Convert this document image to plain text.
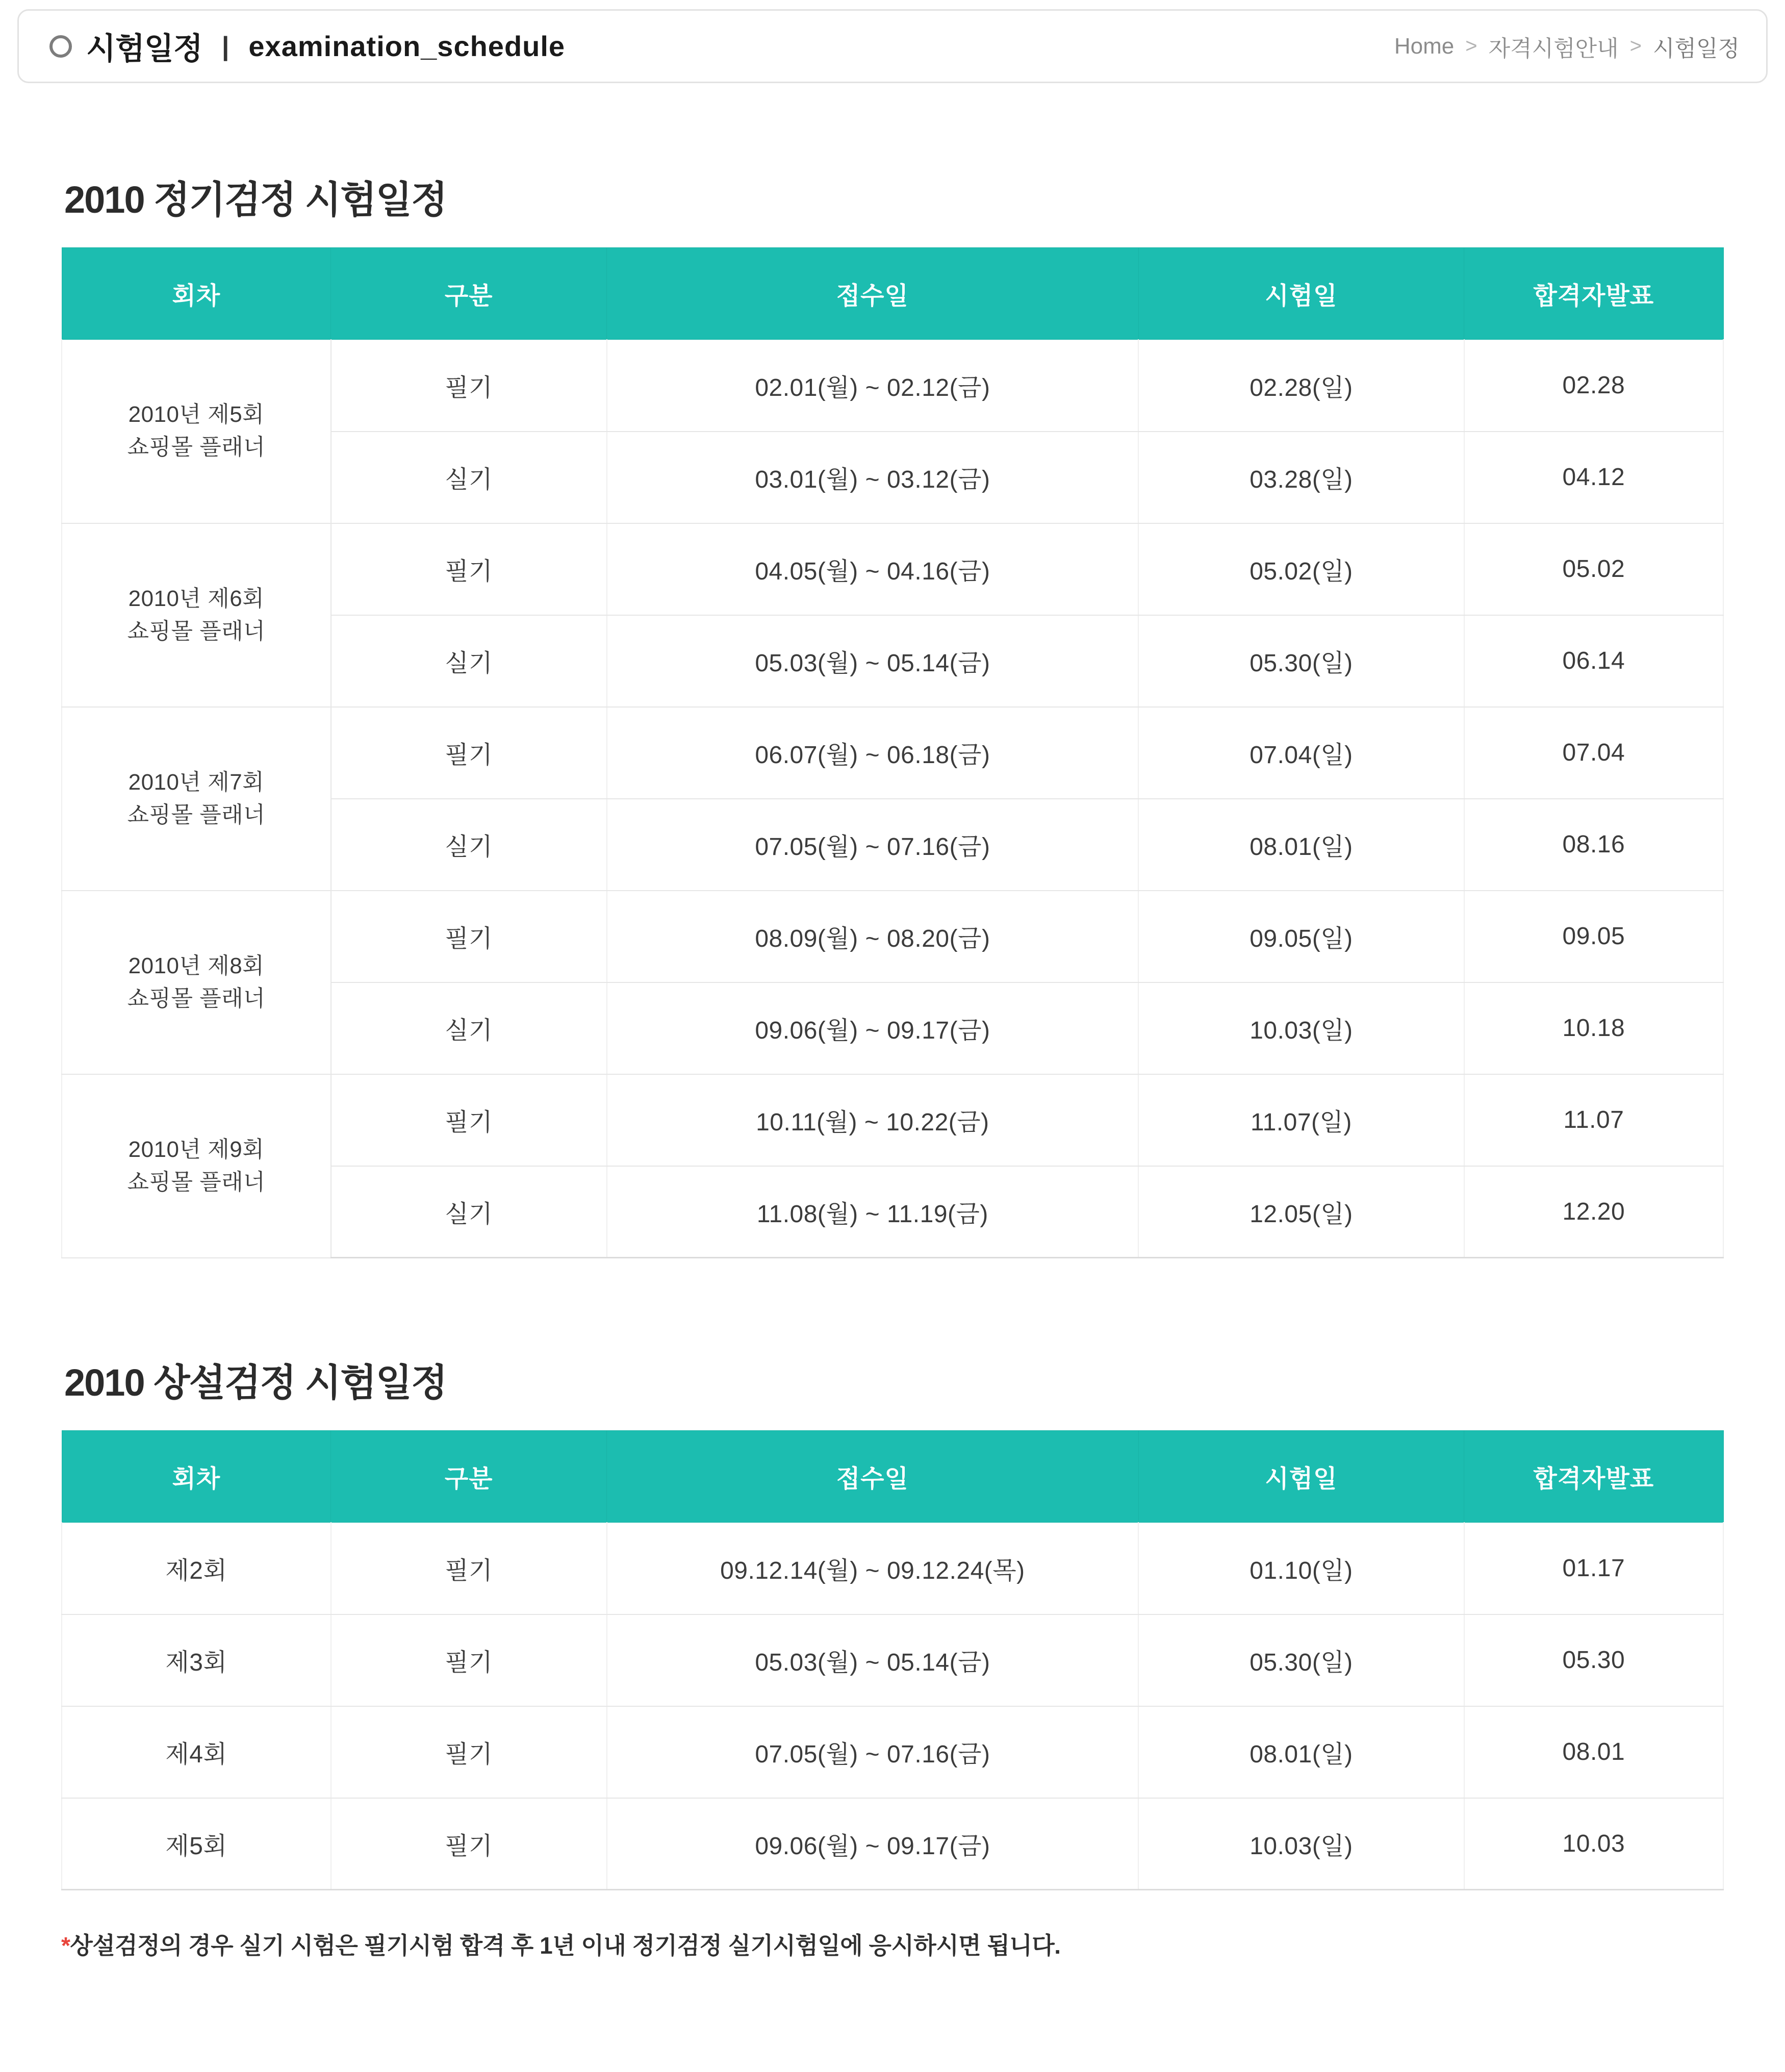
시험일정 | examination_schedule	Home > 자격시험안내 > 시험일정
2010 정기검정 시험일정
회차	구분	접수일	시험일	합격자발표

2010년 제5회
쇼핑몰 플래너	필기	02.01(월) ~ 02.12(금)	02.28(일)	02.28
	실기	03.01(월) ~ 03.12(금)	03.28(일)	04.12

2010년 제6회
쇼핑몰 플래너	필기	04.05(월) ~ 04.16(금)	05.02(일)	05.02
	실기	05.03(월) ~ 05.14(금)	05.30(일)	06.14

2010년 제7회
쇼핑몰 플래너	필기	06.07(월) ~ 06.18(금)	07.04(일)	07.04
	실기	07.05(월) ~ 07.16(금)	08.01(일)	08.16

2010년 제8회
쇼핑몰 플래너	필기	08.09(월) ~ 08.20(금)	09.05(일)	09.05
	실기	09.06(월) ~ 09.17(금)	10.03(일)	10.18

2010년 제9회
쇼핑몰 플래너	필기	10.11(월) ~ 10.22(금)	11.07(일)	11.07
	실기	11.08(월) ~ 11.19(금)	12.05(일)	12.20
2010 상설검정 시험일정
회차	구분	접수일	시험일	합격자발표
제2회	필기	09.12.14(월) ~ 09.12.24(목)	01.10(일)	01.17
제3회	필기	05.03(월) ~ 05.14(금)	05.30(일)	05.30
제4회	필기	07.05(월) ~ 07.16(금)	08.01(일)	08.01
제5회	필기	09.06(월) ~ 09.17(금)	10.03(일)	10.03
*상설검정의 경우 실기 시험은 필기시험 합격 후 1년 이내 정기검정 실기시험일에 응시하시면 됩니다.
